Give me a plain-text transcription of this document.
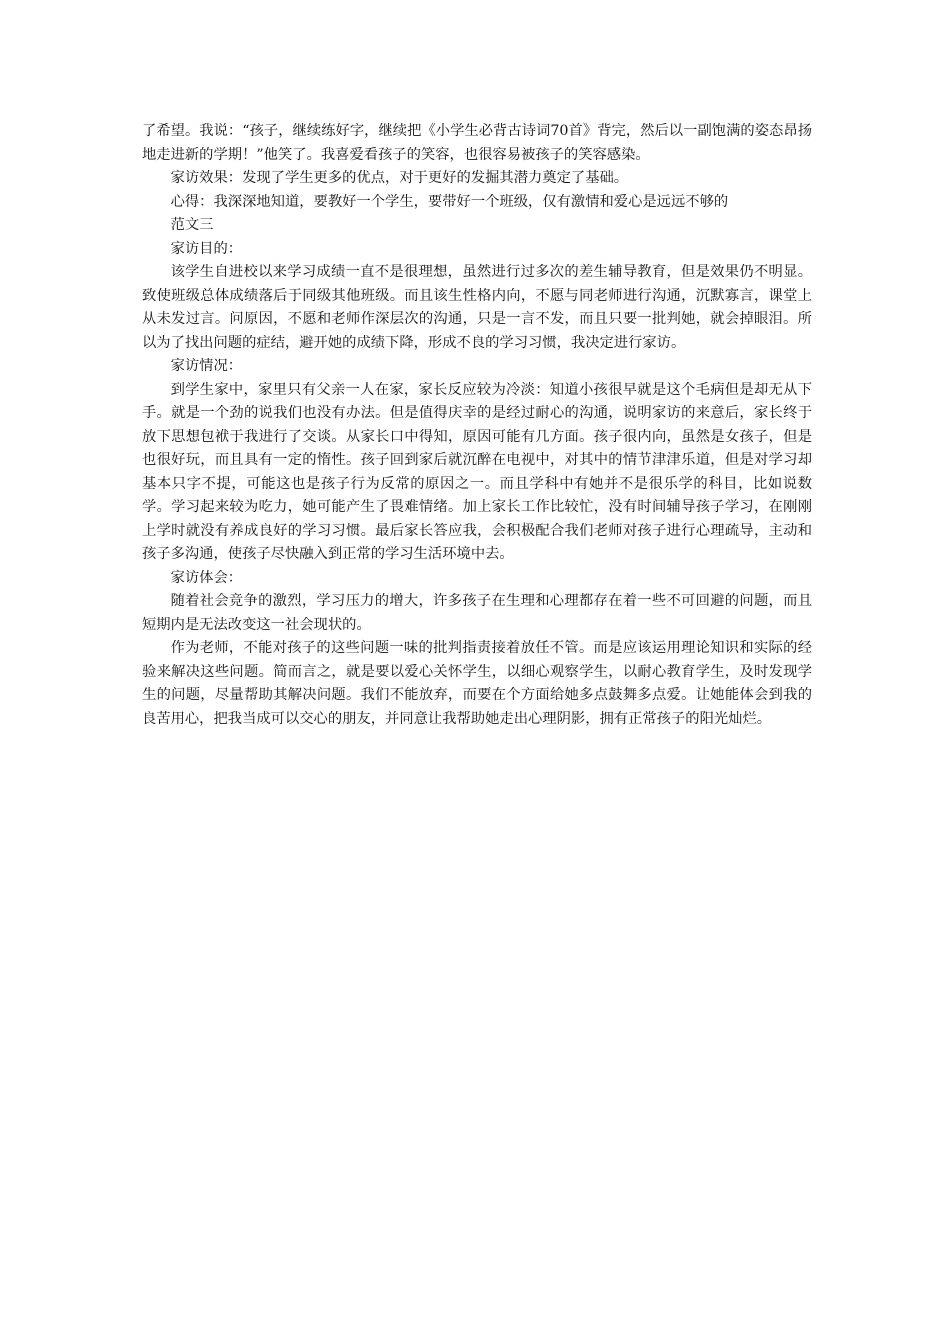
了希望。我说：“孩子，继续练好字，继续把《小学生必背古诗词70首》背完，然后以一副饱满的姿态昂扬地走进新的学期！”他笑了。我喜爱看孩子的笑容，也很容易被孩子的笑容感染。

家访效果：发现了学生更多的优点，对于更好的发掘其潜力奠定了基础。

心得：我深深地知道，要教好一个学生，要带好一个班级，仅有激情和爱心是远远不够的

范文三

家访目的：

该学生自进校以来学习成绩一直不是很理想，虽然进行过多次的差生辅导教育，但是效果仍不明显。致使班级总体成绩落后于同级其他班级。而且该生性格内向，不愿与同老师进行沟通，沉默寡言，课堂上从未发过言。问原因，不愿和老师作深层次的沟通，只是一言不发，而且只要一批判她，就会掉眼泪。所以为了找出问题的症结，避开她的成绩下降，形成不良的学习习惯，我决定进行家访。

家访情况：

到学生家中，家里只有父亲一人在家，家长反应较为冷淡：知道小孩很早就是这个毛病但是却无从下手。就是一个劲的说我们也没有办法。但是值得庆幸的是经过耐心的沟通，说明家访的来意后，家长终于放下思想包袱于我进行了交谈。从家长口中得知，原因可能有几方面。孩子很内向，虽然是女孩子，但是也很好玩，而且具有一定的惰性。孩子回到家后就沉醉在电视中，对其中的情节津津乐道，但是对学习却基本只字不提，可能这也是孩子行为反常的原因之一。而且学科中有她并不是很乐学的科目，比如说数学。学习起来较为吃力，她可能产生了畏难情绪。加上家长工作比较忙，没有时间辅导孩子学习，在刚刚上学时就没有养成良好的学习习惯。最后家长答应我，会积极配合我们老师对孩子进行心理疏导，主动和孩子多沟通，使孩子尽快融入到正常的学习生活环境中去。

家访体会：

随着社会竞争的激烈，学习压力的增大，许多孩子在生理和心理都存在着一些不可回避的问题，而且短期内是无法改变这一社会现状的。

作为老师，不能对孩子的这些问题一味的批判指责接着放任不管。而是应该运用理论知识和实际的经验来解决这些问题。简而言之，就是要以爱心关怀学生，以细心观察学生，以耐心教育学生，及时发现学生的问题，尽量帮助其解决问题。我们不能放弃，而要在个方面给她多点鼓舞多点爱。让她能体会到我的良苦用心，把我当成可以交心的朋友，并同意让我帮助她走出心理阴影，拥有正常孩子的阳光灿烂。
